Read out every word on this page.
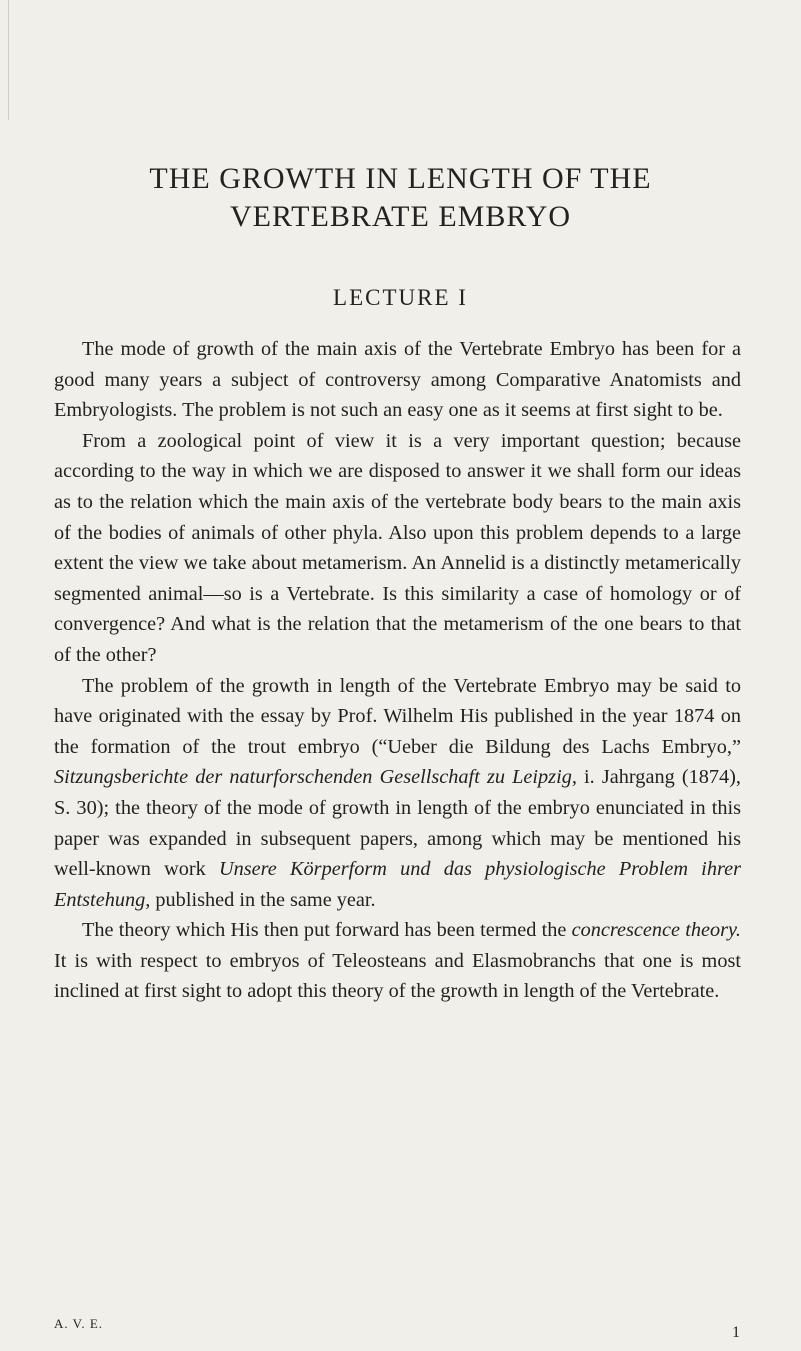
THE GROWTH IN LENGTH OF THE
VERTEBRATE EMBRYO
LECTURE I

The mode of growth of the main axis of the Vertebrate Embryo has been for a good many years a subject of controversy among Comparative Anatomists and Embryologists. The problem is not such an easy one as it seems at first sight to be.

From a zoological point of view it is a very important question; because according to the way in which we are disposed to answer it we shall form our ideas as to the relation which the main axis of the vertebrate body bears to the main axis of the bodies of animals of other phyla. Also upon this problem depends to a large extent the view we take about metamerism. An Annelid is a distinctly metamerically segmented animal—so is a Vertebrate. Is this similarity a case of homology or of convergence? And what is the relation that the metamerism of the one bears to that of the other?

The problem of the growth in length of the Vertebrate Embryo may be said to have originated with the essay by Prof. Wilhelm His published in the year 1874 on the formation of the trout embryo (“Ueber die Bildung des Lachs Embryo,” Sitzungsberichte der naturforschenden Gesellschaft zu Leipzig, i. Jahrgang (1874), S. 30); the theory of the mode of growth in length of the embryo enunciated in this paper was expanded in subsequent papers, among which may be mentioned his well-known work Unsere Körperform und das physiologische Problem ihrer Entstehung, published in the same year.

The theory which His then put forward has been termed the concrescence theory. It is with respect to embryos of Teleosteans and Elasmobranchs that one is most inclined at first sight to adopt this theory of the growth in length of the Vertebrate.

A. V. E.
1
